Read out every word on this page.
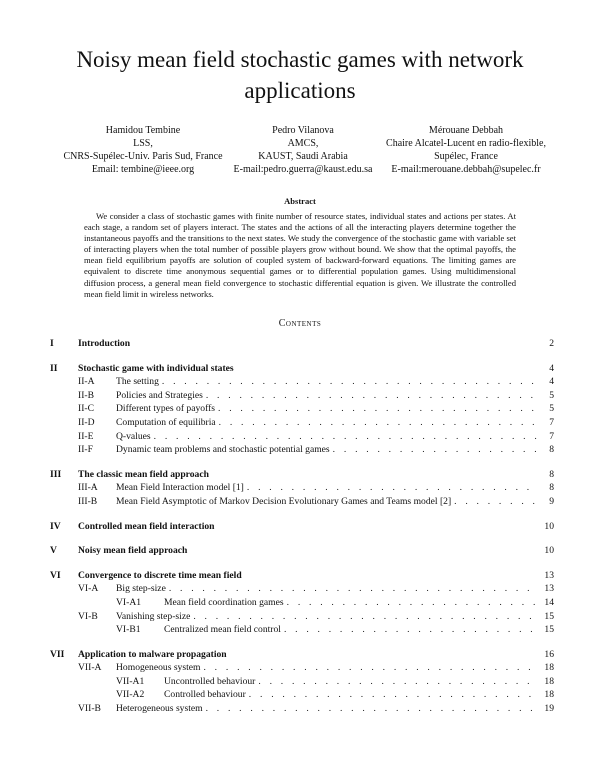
Noisy mean field stochastic games with network applications
Hamidou Tembine
LSS,
CNRS-Supélec-Univ. Paris Sud, France
Email: tembine@ieee.org
Pedro Vilanova
AMCS,
KAUST, Saudi Arabia
E-mail:pedro.guerra@kaust.edu.sa
Mérouane Debbah
Chaire Alcatel-Lucent en radio-flexible,
Supélec, France
E-mail:merouane.debbah@supelec.fr
Abstract
We consider a class of stochastic games with finite number of resource states, individual states and actions per states. At each stage, a random set of players interact. The states and the actions of all the interacting players determine together the instantaneous payoffs and the transitions to the next states. We study the convergence of the stochastic game with variable set of interacting players when the total number of possible players grow without bound. We show that the optimal payoffs, the mean field equilibrium payoffs are solution of coupled system of backward-forward equations. The limiting games are equivalent to discrete time anonymous sequential games or to differential population games. Using multidimensional diffusion process, a general mean field convergence to stochastic differential equation is given. We illustrate the controlled mean field limit in wireless networks.
Contents
I	Introduction	2
II	Stochastic game with individual states	4
II-A	The setting . . .	4
II-B	Policies and Strategies . . .	5
II-C	Different types of payoffs . . .	5
II-D	Computation of equilibria . . .	7
II-E	Q-values . . .	7
II-F	Dynamic team problems and stochastic potential games . . .	8
III	The classic mean field approach	8
III-A	Mean Field Interaction model [1] . . .	8
III-B	Mean Field Asymptotic of Markov Decision Evolutionary Games and Teams model [2] . . .	9
IV	Controlled mean field interaction	10
V	Noisy mean field approach	10
VI	Convergence to discrete time mean field	13
VI-A	Big step-size . . .	13
VI-A1	Mean field coordination games . . .	14
VI-B	Vanishing step-size . . .	15
VI-B1	Centralized mean field control . . .	15
VII	Application to malware propagation	16
VII-A	Homogeneous system . . .	18
VII-A1	Uncontrolled behaviour . . .	18
VII-A2	Controlled behaviour . . .	18
VII-B	Heterogeneous system . . .	19
